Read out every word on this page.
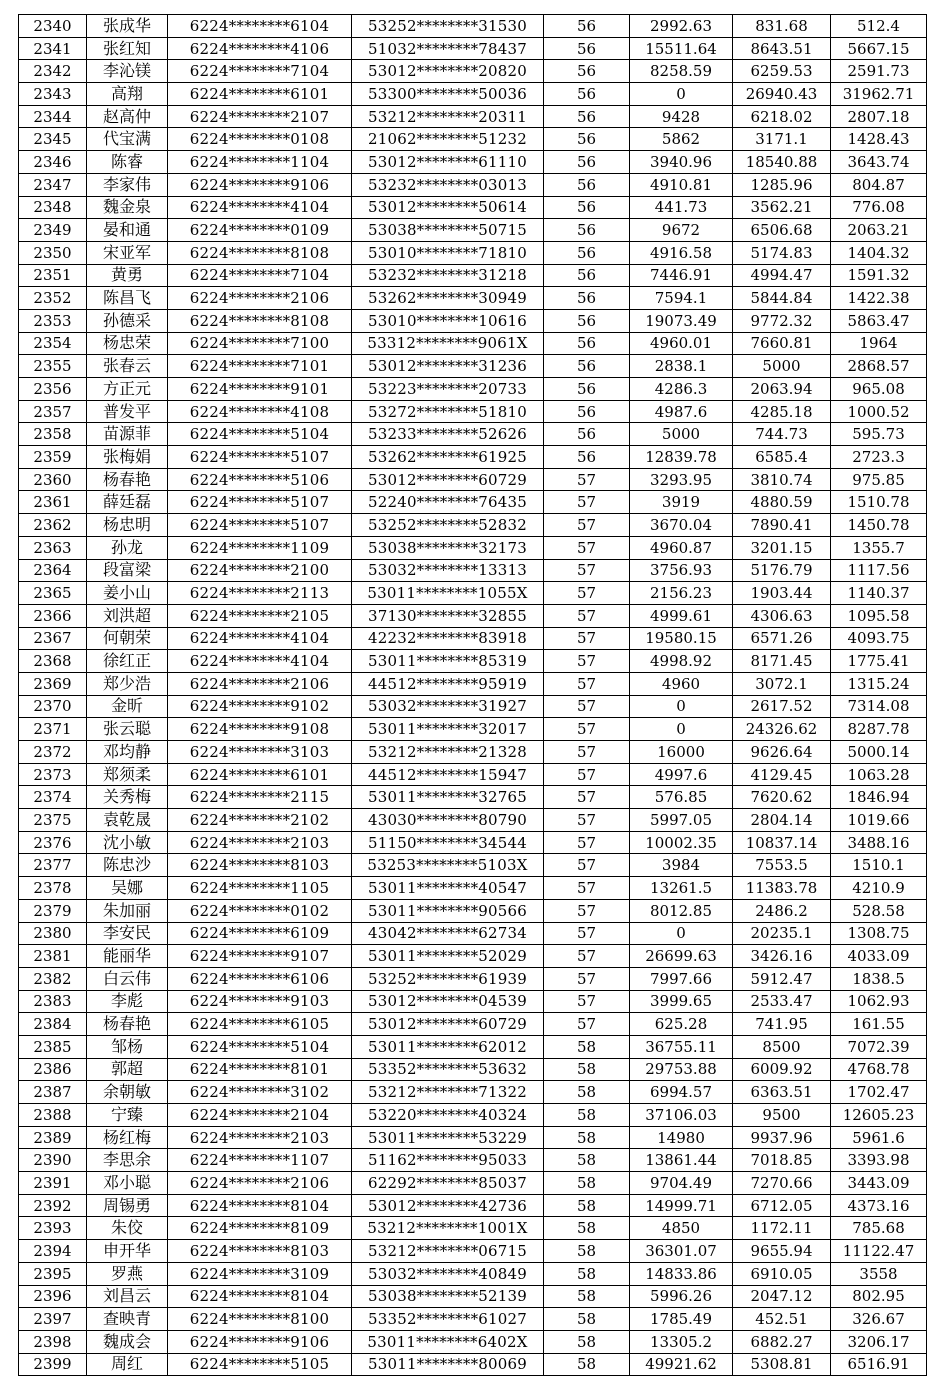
2340	张成华	6224********6104	53252********31530	56	2992.63	831.68	512.4
2341	张红知	6224********4106	51032********78437	56	15511.64	8643.51	5667.15
2342	李沁镁	6224********7104	53012********20820	56	8258.59	6259.53	2591.73
2343	高翔	6224********6101	53300********50036	56	0	26940.43	31962.71
2344	赵高仲	6224********2107	53212********20311	56	9428	6218.02	2807.18
2345	代宝满	6224********0108	21062********51232	56	5862	3171.1	1428.43
2346	陈睿	6224********1104	53012********61110	56	3940.96	18540.88	3643.74
2347	李家伟	6224********9106	53232********03013	56	4910.81	1285.96	804.87
2348	魏金泉	6224********4104	53012********50614	56	441.73	3562.21	776.08
2349	晏和通	6224********0109	53038********50715	56	9672	6506.68	2063.21
2350	宋亚军	6224********8108	53010********71810	56	4916.58	5174.83	1404.32
2351	黄勇	6224********7104	53232********31218	56	7446.91	4994.47	1591.32
2352	陈昌飞	6224********2106	53262********30949	56	7594.1	5844.84	1422.38
2353	孙德采	6224********8108	53010********10616	56	19073.49	9772.32	5863.47
2354	杨忠荣	6224********7100	53312********9061X	56	4960.01	7660.81	1964
2355	张春云	6224********7101	53012********31236	56	2838.1	5000	2868.57
2356	方正元	6224********9101	53223********20733	56	4286.3	2063.94	965.08
2357	普发平	6224********4108	53272********51810	56	4987.6	4285.18	1000.52
2358	苗源菲	6224********5104	53233********52626	56	5000	744.73	595.73
2359	张梅娟	6224********5107	53262********61925	56	12839.78	6585.4	2723.3
2360	杨春艳	6224********5106	53012********60729	57	3293.95	3810.74	975.85
2361	薛廷磊	6224********5107	52240********76435	57	3919	4880.59	1510.78
2362	杨忠明	6224********5107	53252********52832	57	3670.04	7890.41	1450.78
2363	孙龙	6224********1109	53038********32173	57	4960.87	3201.15	1355.7
2364	段富梁	6224********2100	53032********13313	57	3756.93	5176.79	1117.56
2365	姜小山	6224********2113	53011********1055X	57	2156.23	1903.44	1140.37
2366	刘洪超	6224********2105	37130********32855	57	4999.61	4306.63	1095.58
2367	何朝荣	6224********4104	42232********83918	57	19580.15	6571.26	4093.75
2368	徐红正	6224********4104	53011********85319	57	4998.92	8171.45	1775.41
2369	郑少浩	6224********2106	44512********95919	57	4960	3072.1	1315.24
2370	金昕	6224********9102	53032********31927	57	0	2617.52	7314.08
2371	张云聪	6224********9108	53011********32017	57	0	24326.62	8287.78
2372	邓均静	6224********3103	53212********21328	57	16000	9626.64	5000.14
2373	郑须柔	6224********6101	44512********15947	57	4997.6	4129.45	1063.28
2374	关秀梅	6224********2115	53011********32765	57	576.85	7620.62	1846.94
2375	袁乾晟	6224********2102	43030********80790	57	5997.05	2804.14	1019.66
2376	沈小敏	6224********2103	51150********34544	57	10002.35	10837.14	3488.16
2377	陈忠沙	6224********8103	53253********5103X	57	3984	7553.5	1510.1
2378	吴娜	6224********1105	53011********40547	57	13261.5	11383.78	4210.9
2379	朱加丽	6224********0102	53011********90566	57	8012.85	2486.2	528.58
2380	李安民	6224********6109	43042********62734	57	0	20235.1	1308.75
2381	能丽华	6224********9107	53011********52029	57	26699.63	3426.16	4033.09
2382	白云伟	6224********6106	53252********61939	57	7997.66	5912.47	1838.5
2383	李彪	6224********9103	53012********04539	57	3999.65	2533.47	1062.93
2384	杨春艳	6224********6105	53012********60729	57	625.28	741.95	161.55
2385	邹杨	6224********5104	53011********62012	58	36755.11	8500	7072.39
2386	郭超	6224********8101	53352********53632	58	29753.88	6009.92	4768.78
2387	余朝敏	6224********3102	53212********71322	58	6994.57	6363.51	1702.47
2388	宁臻	6224********2104	53220********40324	58	37106.03	9500	12605.23
2389	杨红梅	6224********2103	53011********53229	58	14980	9937.96	5961.6
2390	李思余	6224********1107	51162********95033	58	13861.44	7018.85	3393.98
2391	邓小聪	6224********2106	62292********85037	58	9704.49	7270.66	3443.09
2392	周锡勇	6224********8104	53012********42736	58	14999.71	6712.05	4373.16
2393	朱佼	6224********8109	53212********1001X	58	4850	1172.11	785.68
2394	申开华	6224********8103	53212********06715	58	36301.07	9655.94	11122.47
2395	罗燕	6224********3109	53032********40849	58	14833.86	6910.05	3558
2396	刘昌云	6224********8104	53038********52139	58	5996.26	2047.12	802.95
2397	查映青	6224********8100	53352********61027	58	1785.49	452.51	326.67
2398	魏成会	6224********9106	53011********6402X	58	13305.2	6882.27	3206.17
2399	周红	6224********5105	53011********80069	58	49921.62	5308.81	6516.91
